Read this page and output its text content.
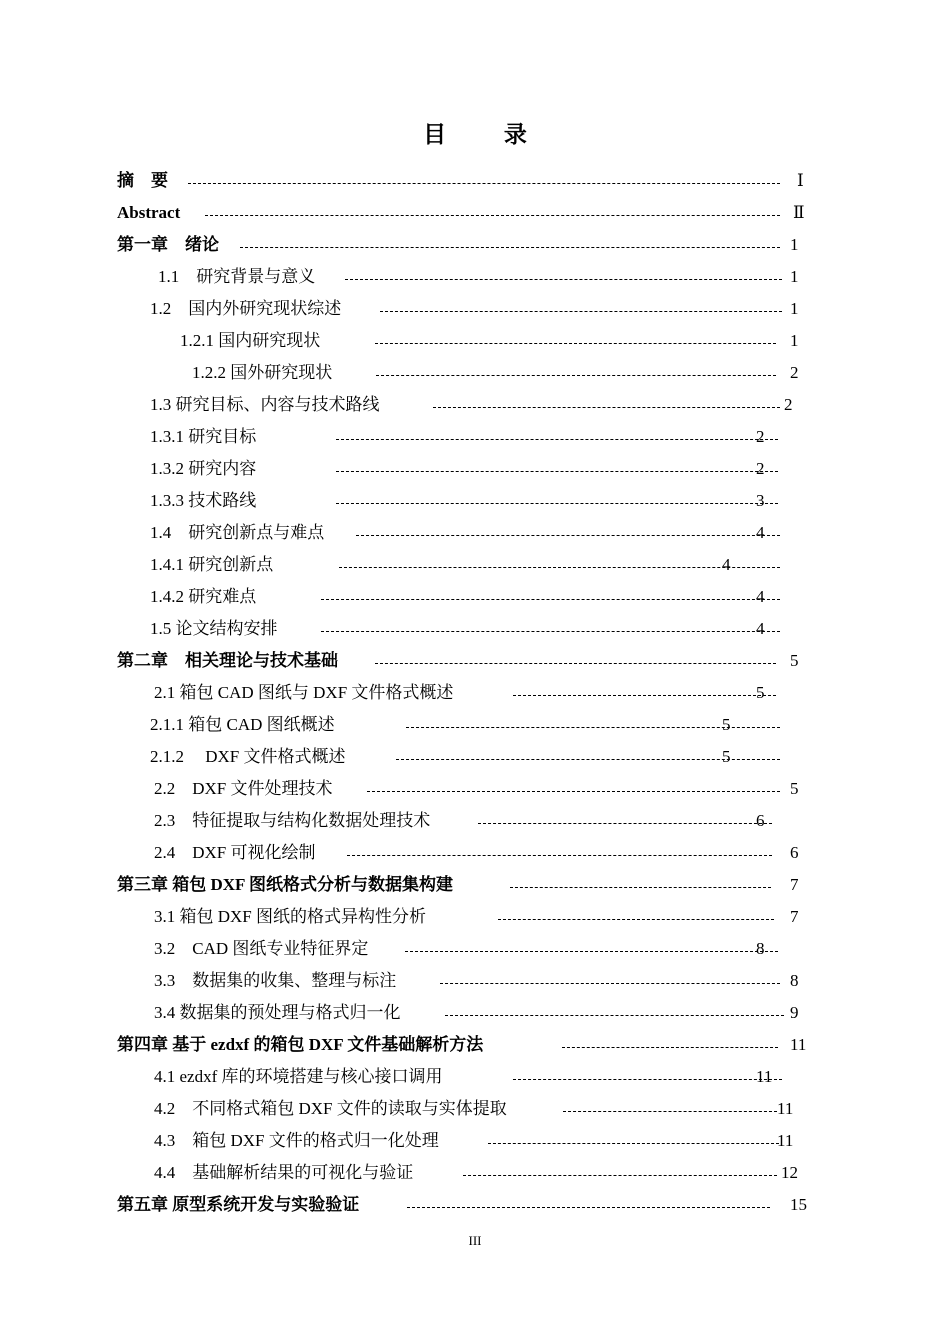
目 录
摘　要	Ⅰ
Abstract	Ⅱ
第一章　绪论	1
1.1　研究背景与意义	1
1.2　国内外研究现状综述	1
1.2.1 国内研究现状	1
1.2.2 国外研究现状	2
1.3 研究目标、内容与技术路线	2
1.3.1 研究目标	2
1.3.2 研究内容	2
1.3.3 技术路线	3
1.4　研究创新点与难点	4
1.4.1 研究创新点	4
1.4.2 研究难点	4
1.5 论文结构安排	4
第二章　相关理论与技术基础	5
2.1 箱包 CAD 图纸与 DXF 文件格式概述	5
2.1.1 箱包 CAD 图纸概述	5
2.1.2　 DXF 文件格式概述	5
2.2　DXF 文件处理技术	5
2.3　特征提取与结构化数据处理技术	6
2.4　DXF 可视化绘制	6
第三章 箱包 DXF 图纸格式分析与数据集构建	7
3.1 箱包 DXF 图纸的格式异构性分析	7
3.2　CAD 图纸专业特征界定	8
3.3　数据集的收集、整理与标注	8
3.4 数据集的预处理与格式归一化	9
第四章 基于 ezdxf 的箱包 DXF 文件基础解析方法	11
4.1 ezdxf 库的环境搭建与核心接口调用	11
4.2　不同格式箱包 DXF 文件的读取与实体提取	11
4.3　箱包 DXF 文件的格式归一化处理	11
4.4　基础解析结果的可视化与验证	12
第五章 原型系统开发与实验验证	15
III
